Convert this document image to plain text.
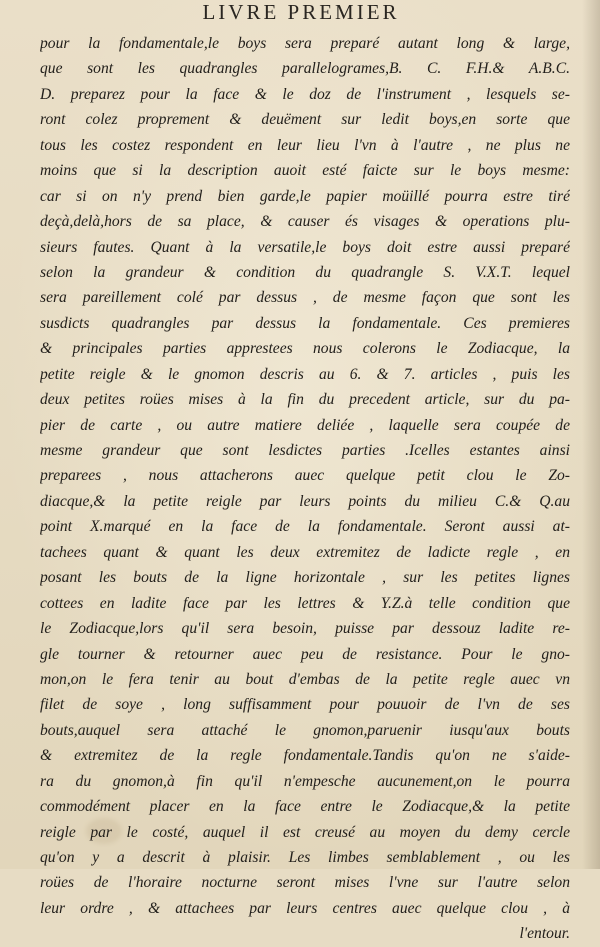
LIVRE PREMIER
pour la fondamentale,le boys sera preparé autant long & large,
que sont les quadrangles parallelogrames,B. C. F.H.& A.B.C.
D. preparez pour la face & le doz de l'instrument , lesquels se-
ront colez proprement & deuëment sur ledit boys,en sorte que
tous les costez respondent en leur lieu l'vn à l'autre , ne plus ne
moins que si la description auoit esté faicte sur le boys mesme:
car si on n'y prend bien garde,le papier moüillé pourra estre tiré
deçà,delà,hors de sa place, & causer és visages & operations plu-
sieurs fautes. Quant à la versatile,le boys doit estre aussi preparé
selon la grandeur & condition du quadrangle S. V.X.T. lequel
sera pareillement colé par dessus , de mesme façon que sont les
susdicts quadrangles par dessus la fondamentale. Ces premieres
& principales parties apprestees nous colerons le Zodiacque, la
petite reigle & le gnomon descris au 6. & 7. articles , puis les
deux petites roües mises à la fin du precedent article, sur du pa-
pier de carte , ou autre matiere deliée , laquelle sera coupée de
mesme grandeur que sont lesdictes parties .Icelles estantes ainsi
preparees , nous attacherons auec quelque petit clou le Zo-
diacque,& la petite reigle par leurs points du milieu C.& Q.au
point X.marqué en la face de la fondamentale. Seront aussi at-
tachees quant & quant les deux extremitez de ladicte regle , en
posant les bouts de la ligne horizontale , sur les petites lignes
cottees en ladite face par les lettres & Y.Z.à telle condition que
le Zodiacque,lors qu'il sera besoin, puisse par dessouz ladite re-
gle tourner & retourner auec peu de resistance. Pour le gno-
mon,on le fera tenir au bout d'embas de la petite regle auec vn
filet de soye , long suffisamment pour pouuoir de l'vn de ses
bouts,auquel sera attaché le gnomon,paruenir iusqu'aux bouts
& extremitez de la regle fondamentale.Tandis qu'on ne s'aide-
ra du gnomon,à fin qu'il n'empesche aucunement,on le pourra
commodément placer en la face entre le Zodiacque,& la petite
reigle par le costé, auquel il est creusé au moyen du demy cercle
qu'on y a descrit à plaisir. Les limbes semblablement , ou les
roües de l'horaire nocturne seront mises l'vne sur l'autre selon
leur ordre , & attachees par leurs centres auec quelque clou , à
l'entour.
